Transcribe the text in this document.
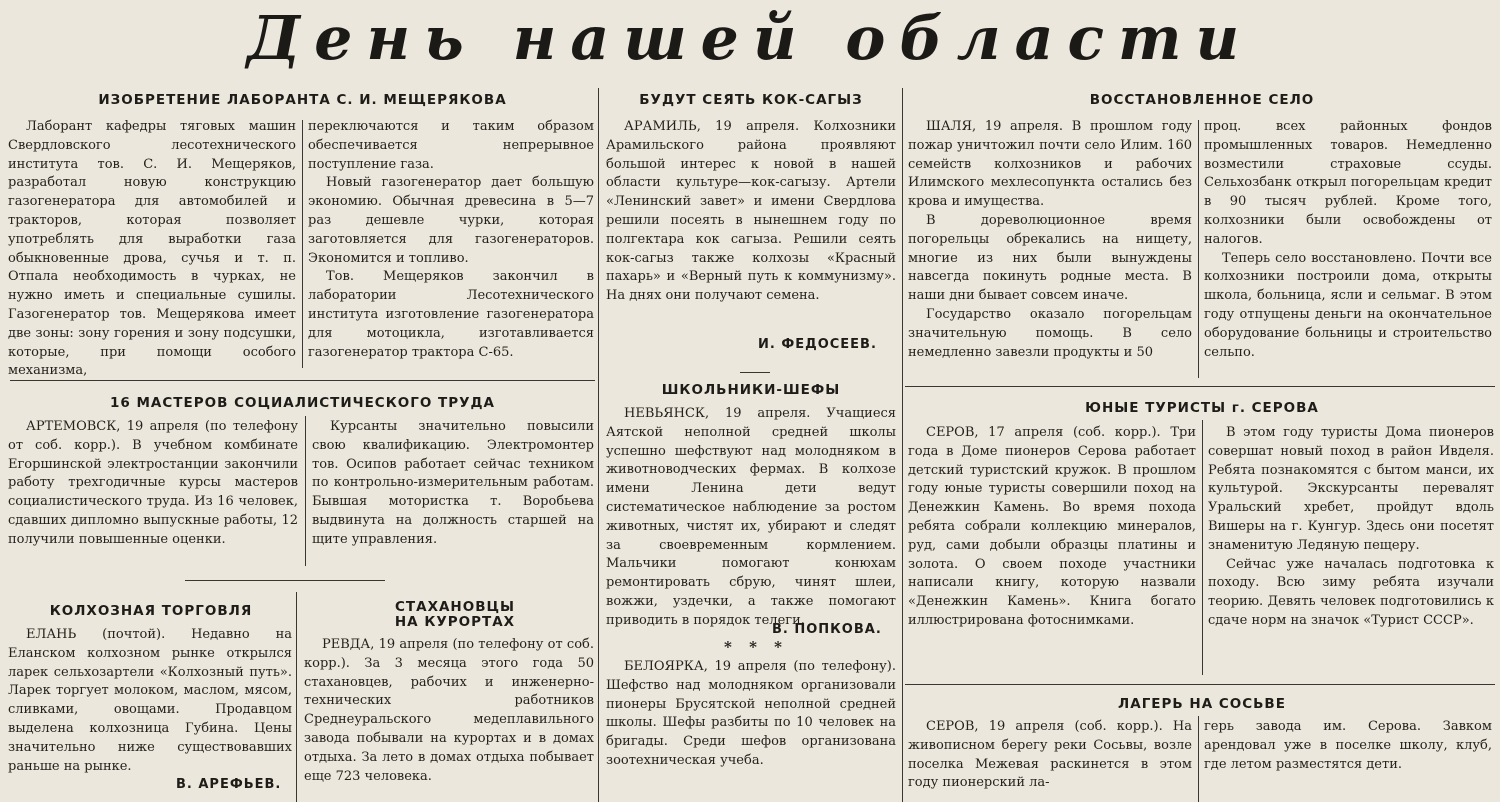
День нашей области
ИЗОБРЕТЕНИЕ ЛАБОРАНТА С. И. МЕЩЕРЯКОВА

Лаборант кафедры тяговых машин Свердловского лесотехнического института тов. С. И. Мещеряков, разработал новую конструкцию газогенератора для автомобилей и тракторов, которая позволяет употреблять для выработки газа обыкновенные дрова, сучья и т. п. Отпала необходимость в чурках, не нужно иметь и специальные сушилы. Газогенератор тов. Мещерякова имеет две зоны: зону горения и зону подсушки, которые, при помощи особого механизма,

переключаются и таким образом обеспечивается непрерывное поступление газа.

Новый газогенератор дает большую экономию. Обычная древесина в 5—7 раз дешевле чурки, которая заготовляется для газогенераторов. Экономится и топливо.

Тов. Мещеряков закончил в лаборатории Лесотехнического института изготовление газогенератора для мотоцикла, изготавливается газогенератор трактора С-65.

16 МАСТЕРОВ СОЦИАЛИСТИЧЕСКОГО ТРУДА

АРТЕМОВСК, 19 апреля (по телефону от соб. корр.). В учебном комбинате Егоршинской электростанции закончили работу трехгодичные курсы мастеров социалистического труда. Из 16 человек, сдавших дипломно выпускные работы, 12 получили повышенные оценки.

Курсанты значительно повысили свою квалификацию. Электромонтер тов. Осипов работает сейчас техником по контрольно-измерительным работам. Бывшая мотористка т. Воробьева выдвинута на должность старшей на щите управления.

КОЛХОЗНАЯ ТОРГОВЛЯ

ЕЛАНЬ (почтой). Недавно на Еланском колхозном рынке открылся ларек сельхозартели «Колхозный путь». Ларек торгует молоком, маслом, мясом, сливками, овощами. Продавцом выделена колхозница Губина. Цены значительно ниже существовавших раньше на рынке.

В. АРЕФЬЕВ.
СТАХАНОВЦЫ НА КУРОРТАХ

РЕВДА, 19 апреля (по телефону от соб. корр.). За 3 месяца этого года 50 стахановцев, рабочих и инженерно-технических работников Среднеуральского медеплавильного завода побывали на курортах и в домах отдыха. За лето в домах отдыха побывает еще 723 человека.

БУДУТ СЕЯТЬ КОК-САГЫЗ

АРАМИЛЬ, 19 апреля. Колхозники Арамильского района проявляют большой интерес к новой в нашей области культуре—кок-сагызу. Артели «Ленинский завет» и имени Свердлова решили посеять в нынешнем году по полгектара кок сагыза. Решили сеять кок-сагыз также колхозы «Красный пахарь» и «Верный путь к коммунизму». На днях они получают семена.

И. ФЕДОСЕЕВ.
ШКОЛЬНИКИ-ШЕФЫ

НЕВЬЯНСК, 19 апреля. Учащиеся Аятской неполной средней школы успешно шефствуют над молодняком в животноводческих фермах. В колхозе имени Ленина дети ведут систематическое наблюдение за ростом животных, чистят их, убирают и следят за своевременным кормлением. Мальчики помогают конюхам ремонтировать сбрую, чинят шлеи, вожжи, уздечки, а также помогают приводить в порядок телеги.

В. ПОПКОВА.
* * *

БЕЛОЯРКА, 19 апреля (по телефону). Шефство над молодняком организовали пионеры Брусятской неполной средней школы. Шефы разбиты по 10 человек на бригады. Среди шефов организована зоотехническая учеба.

ВОССТАНОВЛЕННОЕ СЕЛО

ШАЛЯ, 19 апреля. В прошлом году пожар уничтожил почти село Илим. 160 семейств колхозников и рабочих Илимского мехлесопункта остались без крова и имущества.

В дореволюционное время погорельцы обрекались на нищету, многие из них были вынуждены навсегда покинуть родные места. В наши дни бывает совсем иначе.

Государство оказало погорельцам значительную помощь. В село немедленно завезли продукты и 50

проц. всех районных фондов промышленных товаров. Немедленно возместили страховые ссуды. Сельхозбанк открыл погорельцам кредит в 90 тысяч рублей. Кроме того, колхозники были освобождены от налогов.

Теперь село восстановлено. Почти все колхозники построили дома, открыты школа, больница, ясли и сельмаг. В этом году отпущены деньги на окончательное оборудование больницы и строительство сельпо.

ЮНЫЕ ТУРИСТЫ г. СЕРОВА

СЕРОВ, 17 апреля (соб. корр.). Три года в Доме пионеров Серова работает детский туристский кружок. В прошлом году юные туристы совершили поход на Денежкин Камень. Во время похода ребята собрали коллекцию минералов, руд, сами добыли образцы платины и золота. О своем походе участники написали книгу, которую назвали «Денежкин Камень». Книга богато иллюстрирована фотоснимками.

В этом году туристы Дома пионеров совершат новый поход в район Ивделя. Ребята познакомятся с бытом манси, их культурой. Экскурсанты перевалят Уральский хребет, пройдут вдоль Вишеры на г. Кунгур. Здесь они посетят знаменитую Ледяную пещеру.

Сейчас уже началась подготовка к походу. Всю зиму ребята изучали теорию. Девять человек подготовились к сдаче норм на значок «Турист СССР».

ЛАГЕРЬ НА СОСЬВЕ

СЕРОВ, 19 апреля (соб. корр.). На живописном берегу реки Сосьвы, возле поселка Межевая раскинется в этом году пионерский ла-

герь завода им. Серова. Завком арендовал уже в поселке школу, клуб, где летом разместятся дети.
